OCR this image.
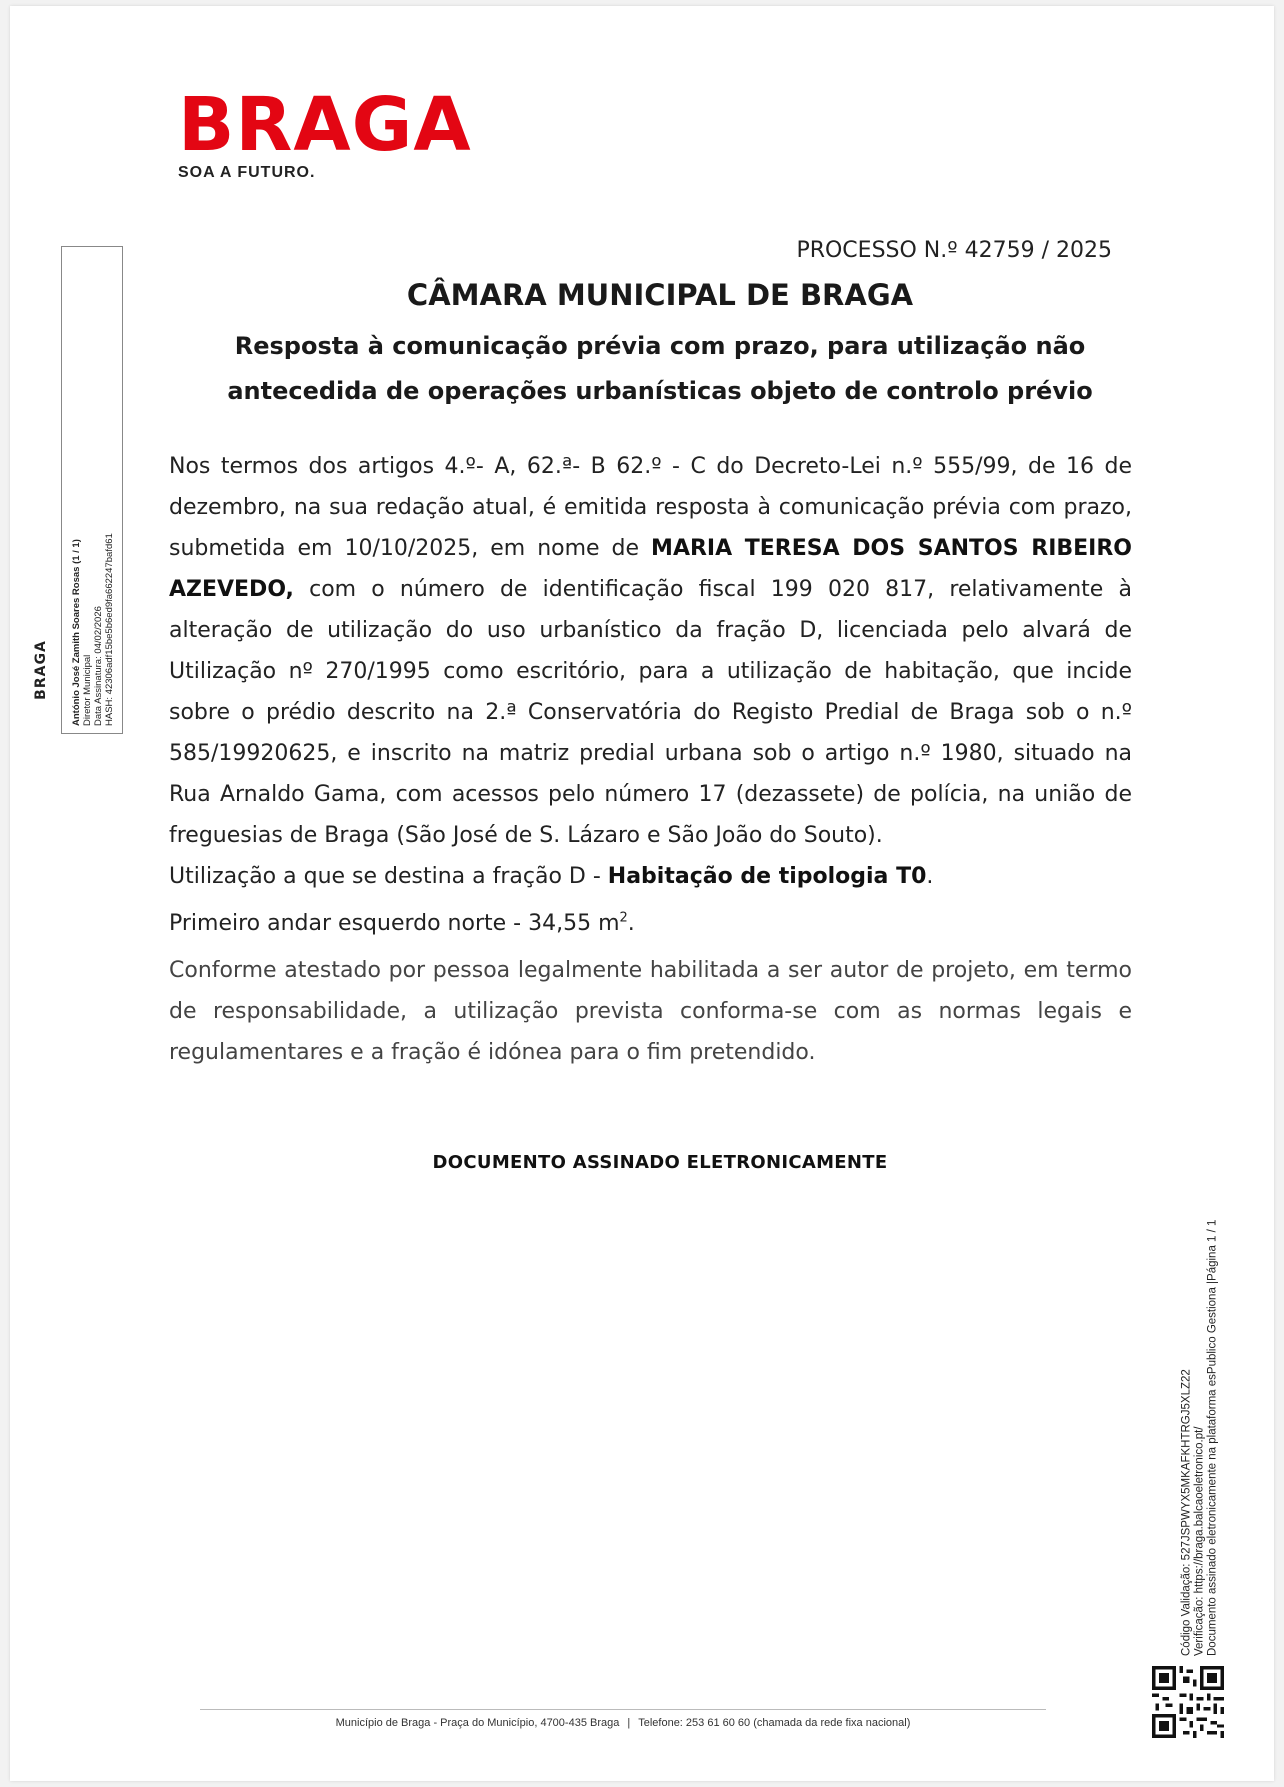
BRAGA
SOA A FUTURO.
António José Zamith Soares Rosas (1 / 1) Diretor Municipal Data Assinatura: 04/02/2026 HASH: 42306adf15be5b6ed9fa662247bafd61
BRAGA
PROCESSO N.º 42759 / 2025
CÂMARA MUNICIPAL DE BRAGA
Resposta à comunicação prévia com prazo, para utilização não
antecedida de operações urbanísticas objeto de controlo prévio

Nos termos dos artigos 4.º- A, 62.ª- B 62.º - C do Decreto-Lei n.º 555/99, de 16 de dezembro, na sua redação atual, é emitida resposta à comunicação prévia com prazo, submetida em 10/10/2025, em nome de MARIA TERESA DOS SANTOS RIBEIRO AZEVEDO, com o número de identificação fiscal 199 020 817, relativamente à alteração de utilização do uso urbanístico da fração D, licenciada pelo alvará de Utilização nº 270/1995 como escritório, para a utilização de habitação, que incide sobre o prédio descrito na 2.ª Conservatória do Registo Predial de Braga sob o n.º 585/19920625, e inscrito na matriz predial urbana sob o artigo n.º 1980, situado na Rua Arnaldo Gama, com acessos pelo número 17 (dezassete) de polícia, na união de freguesias de Braga (São José de S. Lázaro e São João do Souto).

Utilização a que se destina a fração D - Habitação de tipologia T0.

Primeiro andar esquerdo norte - 34,55 $m^2$.

Conforme atestado por pessoa legalmente habilitada a ser autor de projeto, em termo de responsabilidade, a utilização prevista conforma-se com as normas legais e regulamentares e a fração é idónea para o fim pretendido.

DOCUMENTO ASSINADO ELETRONICAMENTE
Código Validação: 527JSPWYX5MKAFKHTRGJ5XLZ22 Verificação: https://braga.balcaoeletronico.pt/ Documento assinado eletronicamente na plataforma esPublico Gestiona |Página 1 / 1
Município de Braga - Praça do Município, 4700-435 Braga | Telefone: 253 61 60 60 (chamada da rede fixa nacional)
